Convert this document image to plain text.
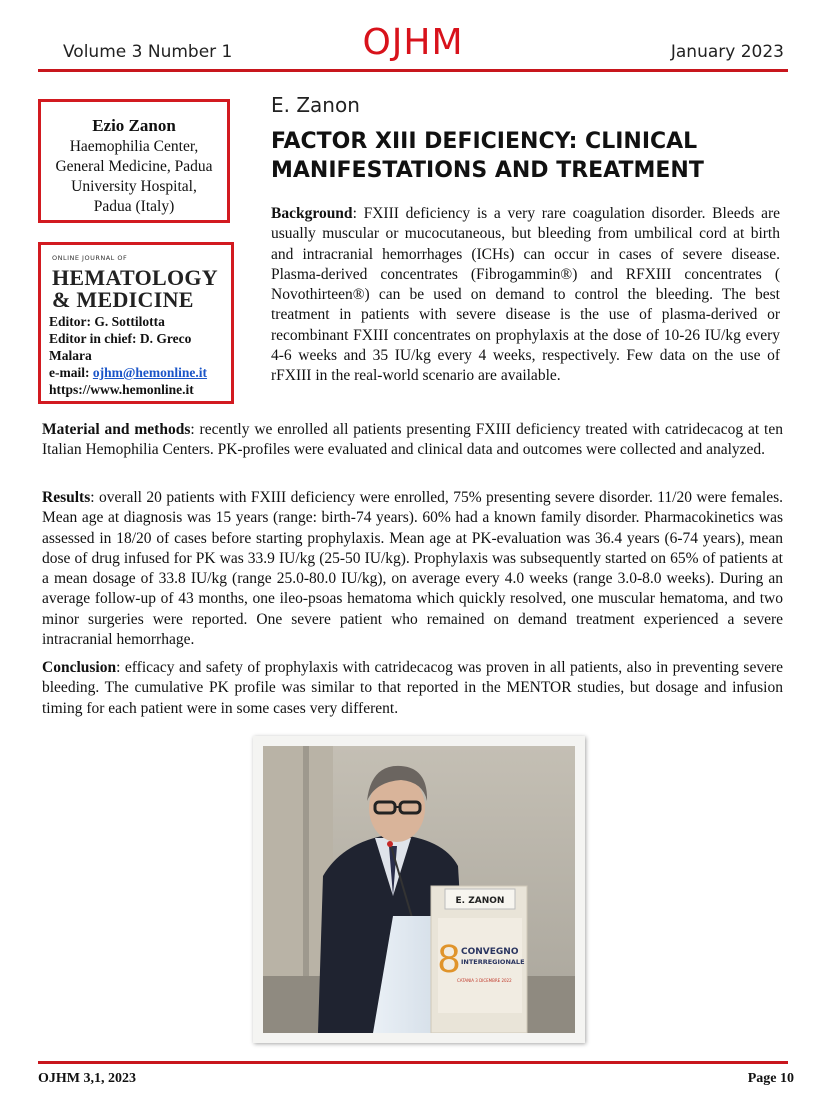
Volume 3 Number 1	OJHM	January 2023
Ezio Zanon
Haemophilia Center,
General Medicine, Padua
University Hospital,
Padua (Italy)
ONLINE JOURNAL OF
HEMATOLOGY
& MEDICINE
Editor: G. Sottilotta
Editor in chief: D. Greco Malara
e-mail: ojhm@hemonline.it
https://www.hemonline.it
E. Zanon
FACTOR XIII DEFICIENCY: CLINICAL MANIFESTATIONS AND TREATMENT
Background: FXIII deficiency is a very rare coagulation disorder. Bleeds are usually muscular or mucocutaneous, but bleeding from umbilical cord at birth and intracranial hemorrhages (ICHs) can occur in cases of severe disease. Plasma-derived concentrates (Fibrogammin®) and RFXIII concentrates ( Novothirteen®) can be used on demand to control the bleeding. The best treatment in patients with severe disease is the use of plasma-derived or recombinant FXIII concentrates on prophylaxis at the dose of 10-26 IU/kg every 4-6 weeks and 35 IU/kg every 4 weeks, respectively. Few data on the use of rFXIII in the real-world scenario are available.
Material and methods: recently we enrolled all patients presenting FXIII deficiency treated with catridecacog at ten Italian Hemophilia Centers. PK-profiles were evaluated and clinical data and outcomes were collected and analyzed.
Results: overall 20 patients with FXIII deficiency were enrolled, 75% presenting severe disorder. 11/20 were females. Mean age at diagnosis was 15 years (range: birth-74 years). 60% had a known family disorder. Pharmacokinetics was assessed in 18/20 of cases before starting prophylaxis. Mean age at PK-evaluation was 36.4 years (6-74 years), mean dose of drug infused for PK was 33.9 IU/kg (25-50 IU/kg). Prophylaxis was subsequently started on 65% of patients at a mean dosage of 33.8 IU/kg (range 25.0-80.0 IU/kg), on average every 4.0 weeks (range 3.0-8.0 weeks). During an average follow-up of 43 months, one ileo-psoas hematoma which quickly resolved, one muscular hematoma, and two minor surgeries were reported. One severe patient who remained on demand treatment experienced a severe intracranial hemorrhage.
Conclusion: efficacy and safety of prophylaxis with catridecacog was proven in all patients, also in preventing severe bleeding. The cumulative PK profile was similar to that reported in the MENTOR studies, but dosage and infusion timing for each patient were in some cases very different.
E. ZANON
8 CONVEGNO
INTERREGIONALE
CATANIA 3 DICEMBRE 2022
OJHM 3,1, 2023	Page 10
